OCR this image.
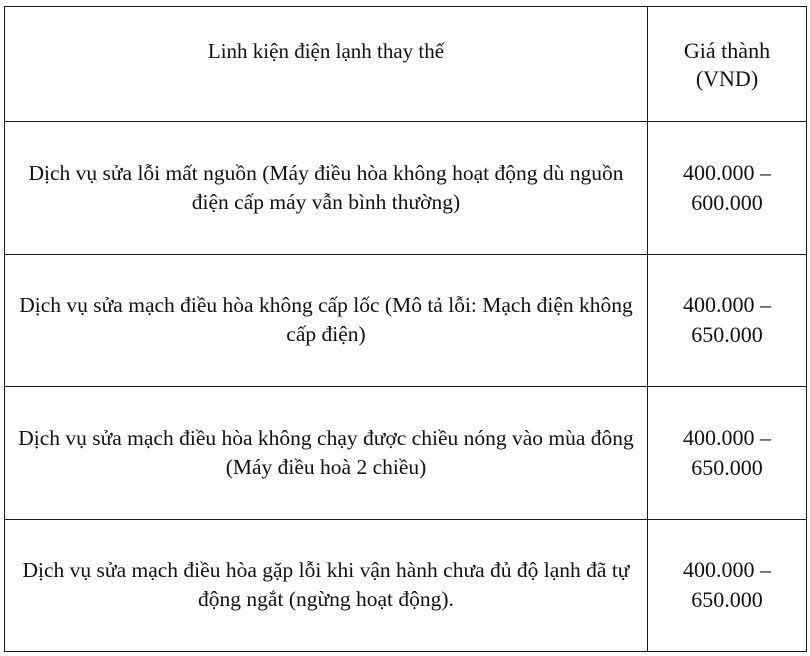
Linh kiện điện lạnh thay thế	Giá thành
(VND)
Dịch vụ sửa lỗi mất nguồn (Máy điều hòa không hoạt động dù nguồn điện cấp máy vẫn bình thường)	400.000 –
600.000
Dịch vụ sửa mạch điều hòa không cấp lốc (Mô tả lỗi: Mạch điện không cấp điện)	400.000 –
650.000
Dịch vụ sửa mạch điều hòa không chạy được chiều nóng vào mùa đông (Máy điều hoà 2 chiều)	400.000 –
650.000
Dịch vụ sửa mạch điều hòa gặp lỗi khi vận hành chưa đủ độ lạnh đã tự động ngắt (ngừng hoạt động).	400.000 –
650.000
